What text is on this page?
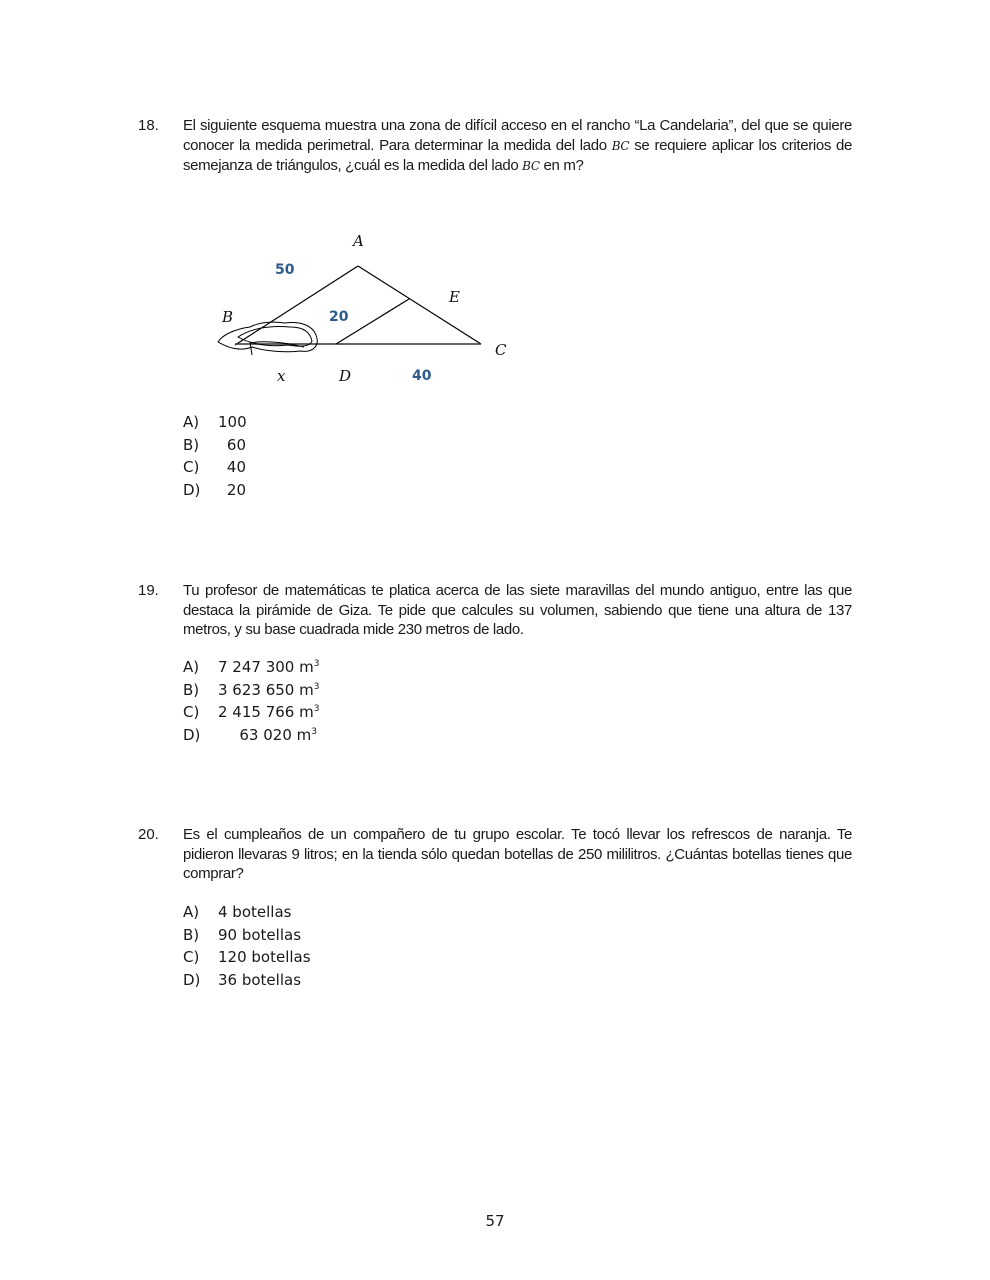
18. El siguiente esquema muestra una zona de difícil acceso en el rancho “La Candelaria”, del que se quiere conocer la medida perimetral. Para determinar la medida del lado BC se requiere aplicar los criterios de semejanza de triángulos, ¿cuál es la medida del lado BC en m?
A
B
C
D
E
x
50
20
40
A)	100
B)	60
C)	40
D)	20
19. Tu profesor de matemáticas te platica acerca de las siete maravillas del mundo antiguo, entre las que destaca la pirámide de Giza. Te pide que calcules su volumen, sabiendo que tiene una altura de 137 metros, y su base cuadrada mide 230 metros de lado.
A)	7 247 300 $m^3$
B)	3 623 650 $m^3$
C)	2 415 766 $m^3$
D)	63 020 $m^3$
20. Es el cumpleaños de un compañero de tu grupo escolar. Te tocó llevar los refrescos de naranja. Te pidieron llevaras 9 litros; en la tienda sólo quedan botellas de 250 mililitros. ¿Cuántas botellas tienes que comprar?
A)	4 botellas
B)	90 botellas
C)	120 botellas
D)	36 botellas
57
